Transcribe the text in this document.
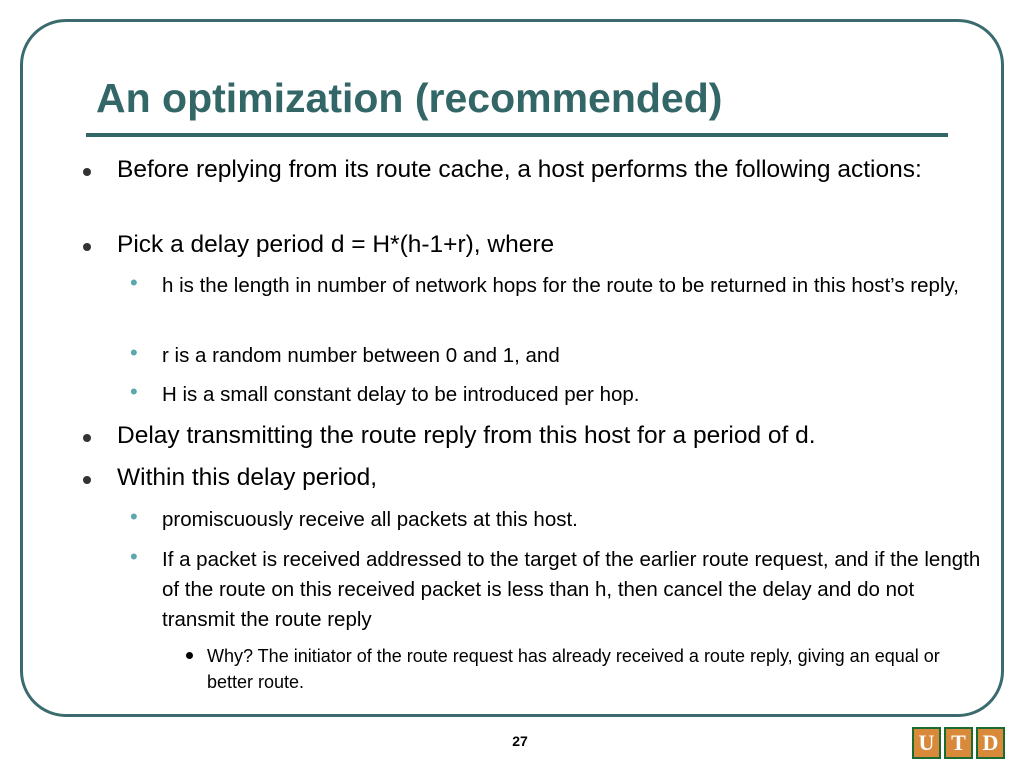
An optimization (recommended)
Before replying from its route cache, a host performs the following actions:
Pick a delay period d = H*(h-1+r), where
• h is the length in number of network hops for the route to be returned in this host’s reply,
• r is a random number between 0 and 1, and
• H is a small constant delay to be introduced per hop.
Delay transmitting the route reply from this host for a period of d.
Within this delay period,
• promiscuously receive all packets at this host.
• If a packet is received addressed to the target of the earlier route request, and if the length of the route on this received packet is less than h, then cancel the delay and do not transmit the route reply
Why? The initiator of the route request has already received a route reply, giving an equal or better route.
27	U T D
